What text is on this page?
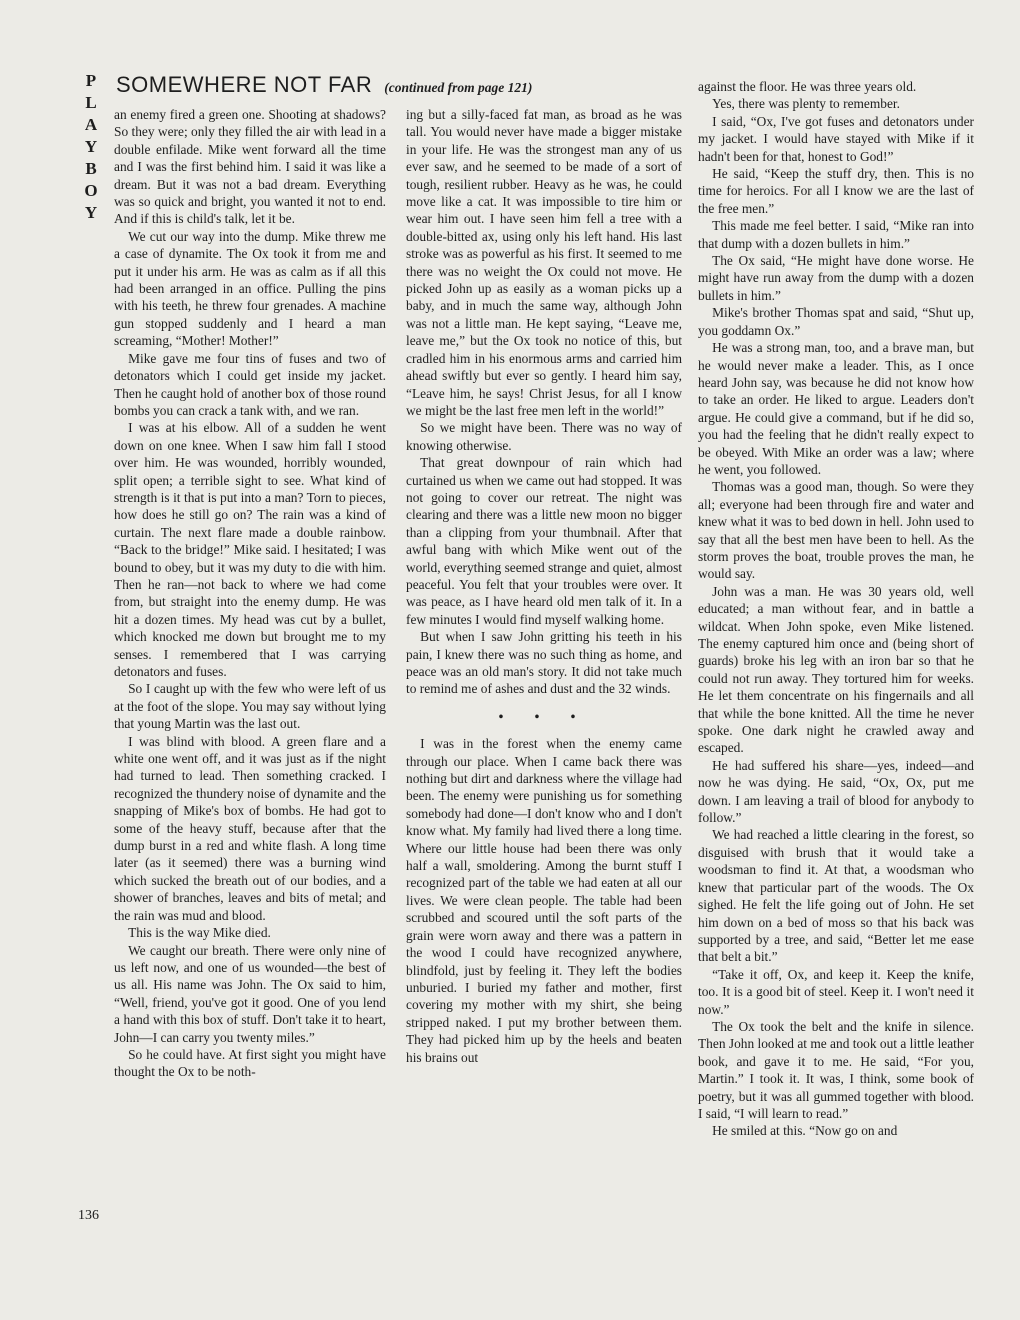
P
L
A
Y
B
O
Y
SOMEWHERE NOT FAR (continued from page 121)

an enemy fired a green one. Shooting at shadows? So they were; only they filled the air with lead in a double enfilade. Mike went forward all the time and I was the first behind him. I said it was like a dream. But it was not a bad dream. Everything was so quick and bright, you wanted it not to end. And if this is child's talk, let it be.

We cut our way into the dump. Mike threw me a case of dynamite. The Ox took it from me and put it under his arm. He was as calm as if all this had been arranged in an office. Pulling the pins with his teeth, he threw four grenades. A machine gun stopped suddenly and I heard a man screaming, “Mother! Mother!”

Mike gave me four tins of fuses and two of detonators which I could get inside my jacket. Then he caught hold of another box of those round bombs you can crack a tank with, and we ran.

I was at his elbow. All of a sudden he went down on one knee. When I saw him fall I stood over him. He was wounded, horribly wounded, split open; a terrible sight to see. What kind of strength is it that is put into a man? Torn to pieces, how does he still go on? The rain was a kind of curtain. The next flare made a double rainbow. “Back to the bridge!” Mike said. I hesitated; I was bound to obey, but it was my duty to die with him. Then he ran—not back to where we had come from, but straight into the enemy dump. He was hit a dozen times. My head was cut by a bullet, which knocked me down but brought me to my senses. I remembered that I was carrying detonators and fuses.

So I caught up with the few who were left of us at the foot of the slope. You may say without lying that young Martin was the last out.

I was blind with blood. A green flare and a white one went off, and it was just as if the night had turned to lead. Then something cracked. I recognized the thundery noise of dynamite and the snapping of Mike's box of bombs. He had got to some of the heavy stuff, because after that the dump burst in a red and white flash. A long time later (as it seemed) there was a burning wind which sucked the breath out of our bodies, and a shower of branches, leaves and bits of metal; and the rain was mud and blood.

This is the way Mike died.

We caught our breath. There were only nine of us left now, and one of us wounded—the best of us all. His name was John. The Ox said to him, “Well, friend, you've got it good. One of you lend a hand with this box of stuff. Don't take it to heart, John—I can carry you twenty miles.”

So he could have. At first sight you might have thought the Ox to be noth-

ing but a silly-faced fat man, as broad as he was tall. You would never have made a bigger mistake in your life. He was the strongest man any of us ever saw, and he seemed to be made of a sort of tough, resilient rubber. Heavy as he was, he could move like a cat. It was impossible to tire him or wear him out. I have seen him fell a tree with a double-bitted ax, using only his left hand. His last stroke was as powerful as his first. It seemed to me there was no weight the Ox could not move. He picked John up as easily as a woman picks up a baby, and in much the same way, although John was not a little man. He kept saying, “Leave me, leave me,” but the Ox took no notice of this, but cradled him in his enormous arms and carried him ahead swiftly but ever so gently. I heard him say, “Leave him, he says! Christ Jesus, for all I know we might be the last free men left in the world!”

So we might have been. There was no way of knowing otherwise.

That great downpour of rain which had curtained us when we came out had stopped. It was not going to cover our retreat. The night was clearing and there was a little new moon no bigger than a clipping from your thumbnail. After that awful bang with which Mike went out of the world, everything seemed strange and quiet, almost peaceful. You felt that your troubles were over. It was peace, as I have heard old men talk of it. In a few minutes I would find myself walking home.

But when I saw John gritting his teeth in his pain, I knew there was no such thing as home, and peace was an old man's story. It did not take much to remind me of ashes and dust and the 32 winds.

• • •

I was in the forest when the enemy came through our place. When I came back there was nothing but dirt and darkness where the village had been. The enemy were punishing us for something somebody had done—I don't know who and I don't know what. My family had lived there a long time. Where our little house had been there was only half a wall, smoldering. Among the burnt stuff I recognized part of the table we had eaten at all our lives. We were clean people. The table had been scrubbed and scoured until the soft parts of the grain were worn away and there was a pattern in the wood I could have recognized anywhere, blindfold, just by feeling it. They left the bodies unburied. I buried my father and mother, first covering my mother with my shirt, she being stripped naked. I put my brother between them. They had picked him up by the heels and beaten his brains out

against the floor. He was three years old.

Yes, there was plenty to remember.

I said, “Ox, I've got fuses and detonators under my jacket. I would have stayed with Mike if it hadn't been for that, honest to God!”

He said, “Keep the stuff dry, then. This is no time for heroics. For all I know we are the last of the free men.”

This made me feel better. I said, “Mike ran into that dump with a dozen bullets in him.”

The Ox said, “He might have done worse. He might have run away from the dump with a dozen bullets in him.”

Mike's brother Thomas spat and said, “Shut up, you goddamn Ox.”

He was a strong man, too, and a brave man, but he would never make a leader. This, as I once heard John say, was because he did not know how to take an order. He liked to argue. Leaders don't argue. He could give a command, but if he did so, you had the feeling that he didn't really expect to be obeyed. With Mike an order was a law; where he went, you followed.

Thomas was a good man, though. So were they all; everyone had been through fire and water and knew what it was to bed down in hell. John used to say that all the best men have been to hell. As the storm proves the boat, trouble proves the man, he would say.

John was a man. He was 30 years old, well educated; a man without fear, and in battle a wildcat. When John spoke, even Mike listened. The enemy captured him once and (being short of guards) broke his leg with an iron bar so that he could not run away. They tortured him for weeks. He let them concentrate on his fingernails and all that while the bone knitted. All the time he never spoke. One dark night he crawled away and escaped.

He had suffered his share—yes, indeed—and now he was dying. He said, “Ox, Ox, put me down. I am leaving a trail of blood for anybody to follow.”

We had reached a little clearing in the forest, so disguised with brush that it would take a woodsman to find it. At that, a woodsman who knew that particular part of the woods. The Ox sighed. He felt the life going out of John. He set him down on a bed of moss so that his back was supported by a tree, and said, “Better let me ease that belt a bit.”

“Take it off, Ox, and keep it. Keep the knife, too. It is a good bit of steel. Keep it. I won't need it now.”

The Ox took the belt and the knife in silence. Then John looked at me and took out a little leather book, and gave it to me. He said, “For you, Martin.” I took it. It was, I think, some book of poetry, but it was all gummed together with blood. I said, “I will learn to read.”

He smiled at this. “Now go on and

136
